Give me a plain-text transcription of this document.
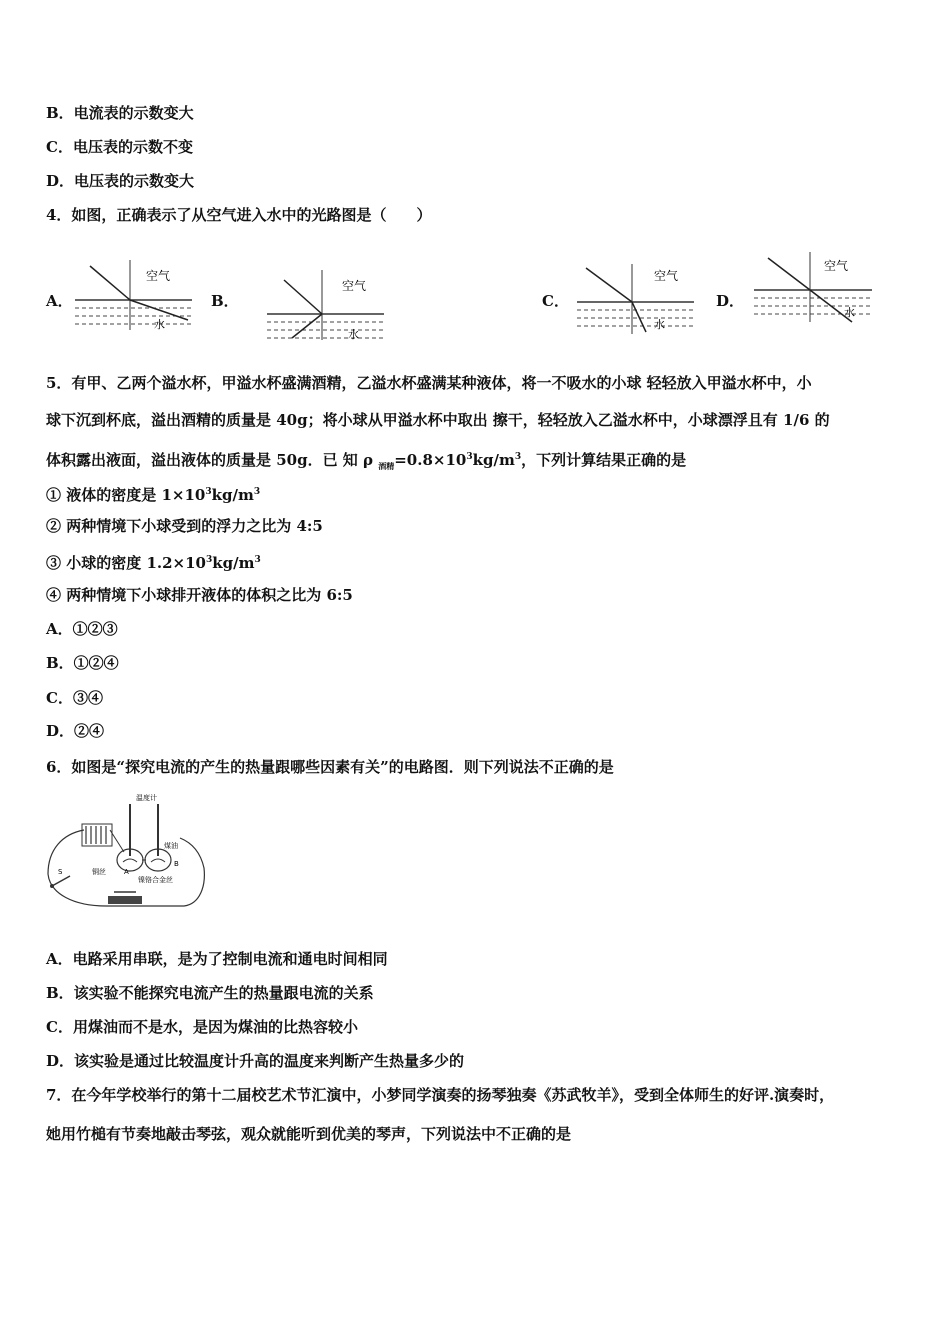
B．电流表的示数变大
C．电压表的示数不变
D．电压表的示数变大
4．如图，正确表示了从空气进入水中的光路图是（　　）
A．
空气
水
B．
空气
水
C．
空气
水
D．
空气
水
5．有甲、乙两个溢水杯，甲溢水杯盛满酒精，乙溢水杯盛满某种液体，将一不吸水的小球 轻轻放入甲溢水杯中，小
球下沉到杯底，溢出酒精的质量是 40g；将小球从甲溢水杯中取出 擦干，轻轻放入乙溢水杯中，小球漂浮且有 1/6 的
体积露出液面，溢出液体的质量是 50g．已 知 ρ $_{酒精}=0.8\times 10^3kg/m^3$，下列计算结果正确的是
① 液体的密度是 $1\times 10^3kg/m^3$
② 两种情境下小球受到的浮力之比为 4:5
③ 小球的密度 $1.2\times 10^3kg/m^3$
④ 两种情境下小球排开液体的体积之比为 6:5
A．①②③
B．①②④
C．③④
D．②④
6．如图是“探究电流的产生的热量跟哪些因素有关”的电路图．则下列说法不正确的是
温度计
煤油
A
B
铜丝
镍铬合金丝
S
A．电路采用串联，是为了控制电流和通电时间相同
B．该实验不能探究电流产生的热量跟电流的关系
C．用煤油而不是水，是因为煤油的比热容较小
D．该实验是通过比较温度计升高的温度来判断产生热量多少的
7．在今年学校举行的第十二届校艺术节汇演中，小梦同学演奏的扬琴独奏《苏武牧羊》，受到全体师生的好评.演奏时，
她用竹槌有节奏地敲击琴弦，观众就能听到优美的琴声，下列说法中不正确的是
